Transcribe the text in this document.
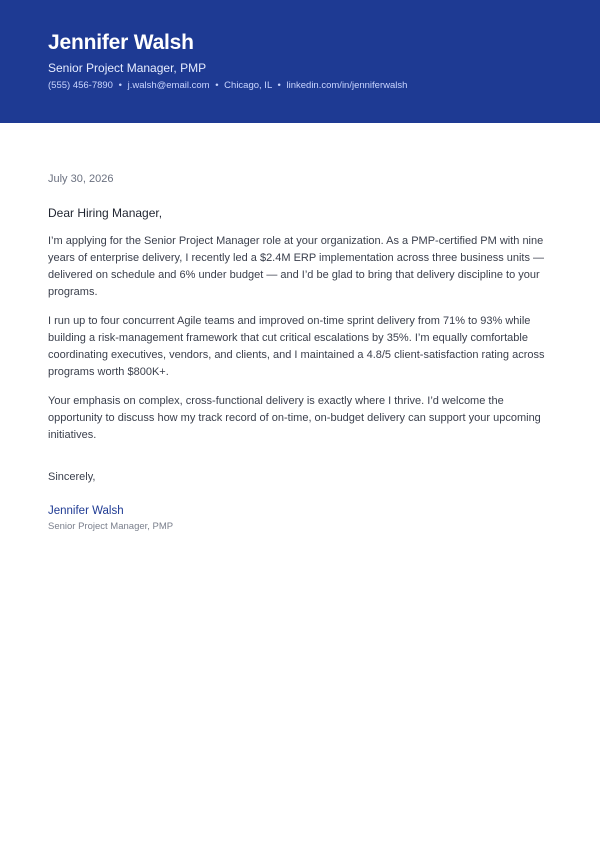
Jennifer Walsh
Senior Project Manager, PMP
(555) 456-7890 • j.walsh@email.com • Chicago, IL • linkedin.com/in/jenniferwalsh
July 30, 2026
Dear Hiring Manager,

I’m applying for the Senior Project Manager role at your organization. As a PMP-certified PM with nine years of enterprise delivery, I recently led a $2.4M ERP implementation across three business units — delivered on schedule and 6% under budget — and I’d be glad to bring that delivery discipline to your programs.

I run up to four concurrent Agile teams and improved on-time sprint delivery from 71% to 93% while building a risk-management framework that cut critical escalations by 35%. I’m equally comfortable coordinating executives, vendors, and clients, and I maintained a 4.8/5 client-satisfaction rating across programs worth $800K+.

Your emphasis on complex, cross-functional delivery is exactly where I thrive. I’d welcome the opportunity to discuss how my track record of on-time, on-budget delivery can support your upcoming initiatives.

Sincerely,
Jennifer Walsh
Senior Project Manager, PMP
